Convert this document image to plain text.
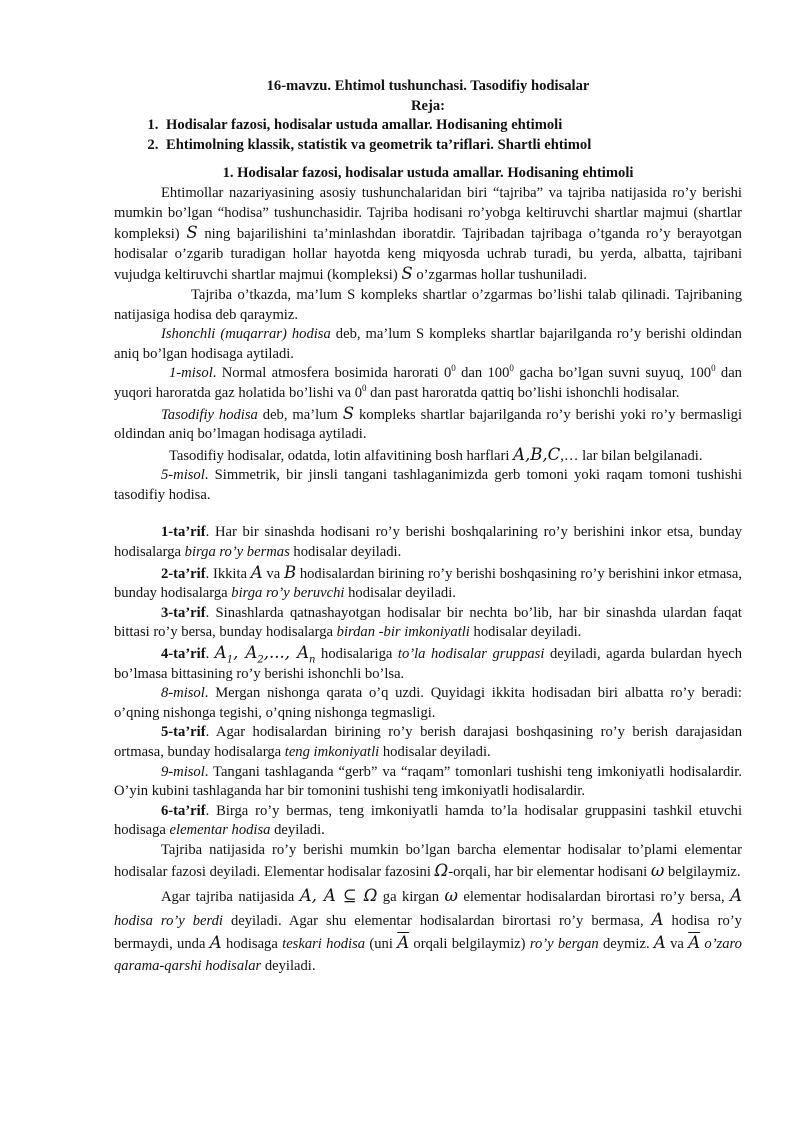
16-mavzu. Ehtimol tushunchasi. Tasodifiy hodisalar
Reja:
1. Hodisalar fazosi, hodisalar ustuda amallar. Hodisaning ehtimoli
2. Ehtimolning klassik, statistik va geometrik ta’riflari. Shartli ehtimol
1. Hodisalar fazosi, hodisalar ustuda amallar. Hodisaning ehtimoli

Ehtimollar nazariyasining asosiy tushunchalaridan biri “tajriba” va tajriba natijasida ro’y berishi mumkin bo’lgan “hodisa” tushunchasidir. Tajriba hodisani ro’yobga keltiruvchi shartlar majmui (shartlar kompleksi) S ning bajarilishini ta’minlashdan iboratdir. Tajribadan tajribaga o’tganda ro’y berayotgan hodisalar o’zgarib turadigan hollar hayotda keng miqyosda uchrab turadi, bu yerda, albatta, tajribani vujudga keltiruvchi shartlar majmui (kompleksi) S o’zgarmas hollar tushuniladi.

Tajriba o’tkazda, ma’lum S kompleks shartlar o’zgarmas bo’lishi talab qilinadi. Tajribaning natijasiga hodisa deb qaraymiz.

Ishonchli (muqarrar) hodisa deb, ma’lum S kompleks shartlar bajarilganda ro’y berishi oldindan aniq bo’lgan hodisaga aytiladi.

1-misol. Normal atmosferа bosimida harorati $0^0$ dan $100^0$ gacha bo’lgan suvni suyuq, $100^0$ dan yuqori haroratda gaz holatida bo’lishi va $0^0$ dan past haroratda qattiq bo’lishi ishonchli hodisalar.

Tasodifiy hodisa deb, ma’lum S kompleks shartlar bajarilganda ro’y berishi yoki ro’y bermasligi oldindan aniq bo’lmagan hodisaga aytiladi.

Tasodifiy hodisalar, odatda, lotin alfavitining bosh harflari A,B,C,… lar bilan belgilanadi.

5-misol. Simmetrik, bir jinsli tangani tashlaganimizda gerb tomoni yoki raqam tomoni tushishi tasodifiy hodisa.

1-ta’rif. Har bir sinashda hodisani ro’y berishi boshqalarining ro’y berishini inkor etsa, bunday hodisalarga birga ro’y bermas hodisalar deyiladi.

2-ta’rif. Ikkita A va B hodisalardan birining ro’y berishi boshqasining ro’y berishini inkor etmasa, bunday hodisalarga birga ro’y beruvchi hodisalar deyiladi.

3-ta’rif. Sinashlarda qatnashayotgan hodisalar bir nechta bo’lib, har bir sinashda ulardan faqat bittasi ro’y bersa, bunday hodisalarga birdan -bir imkoniyatli hodisalar deyiladi.

4-ta’rif. $A_1$, $A_2$,..., $A_n$ hodisalariga to’la hodisalar gruppasi deyiladi, agarda bulardan hyech bo’lmasa bittasining ro’y berishi ishonchli bo’lsa.

8-misol. Mergan nishonga qarata o’q uzdi. Quyidagi ikkita hodisadan biri albatta ro’y beradi: o’qning nishonga tegishi, o’qning nishonga tegmasligi.

5-ta’rif. Agar hodisalardan birining ro’y berish darajasi boshqasining ro’y berish darajasidan ortmasa, bunday hodisalarga teng imkoniyatli hodisalar deyiladi.

9-misol. Tangani tashlaganda “gerb” va “raqam” tomonlari tushishi teng imkoniyatli hodisalardir. O’yin kubini tashlaganda har bir tomonini tushishi teng imkoniyatli hodisalardir.

6-ta’rif. Birga ro’y bermas, teng imkoniyatli hamda to’la hodisalar gruppasini tashkil etuvchi hodisaga elementar hodisa deyiladi.

Tajriba natijasida ro’y berishi mumkin bo’lgan barcha elementar hodisalar to’plami elementar hodisalar fazosi deyiladi. Elementar hodisalar fazosini Ω-orqali, har bir elementar hodisani ω belgilaymiz.

Agar tajriba natijasida A, A ⊆ Ω ga kirgan ω elementar hodisalardan birortasi ro’y bersa, A hodisa ro’y berdi deyiladi. Agar shu elementar hodisalardan birortasi ro’y bermasa, A hodisa ro’y bermaydi, unda A hodisaga teskari hodisa (uni $\overline{A}$ orqali belgilaymiz) ro’y bergan deymiz. A va $\overline{A}$ o’zaro qarama-qarshi hodisalar deyiladi.
